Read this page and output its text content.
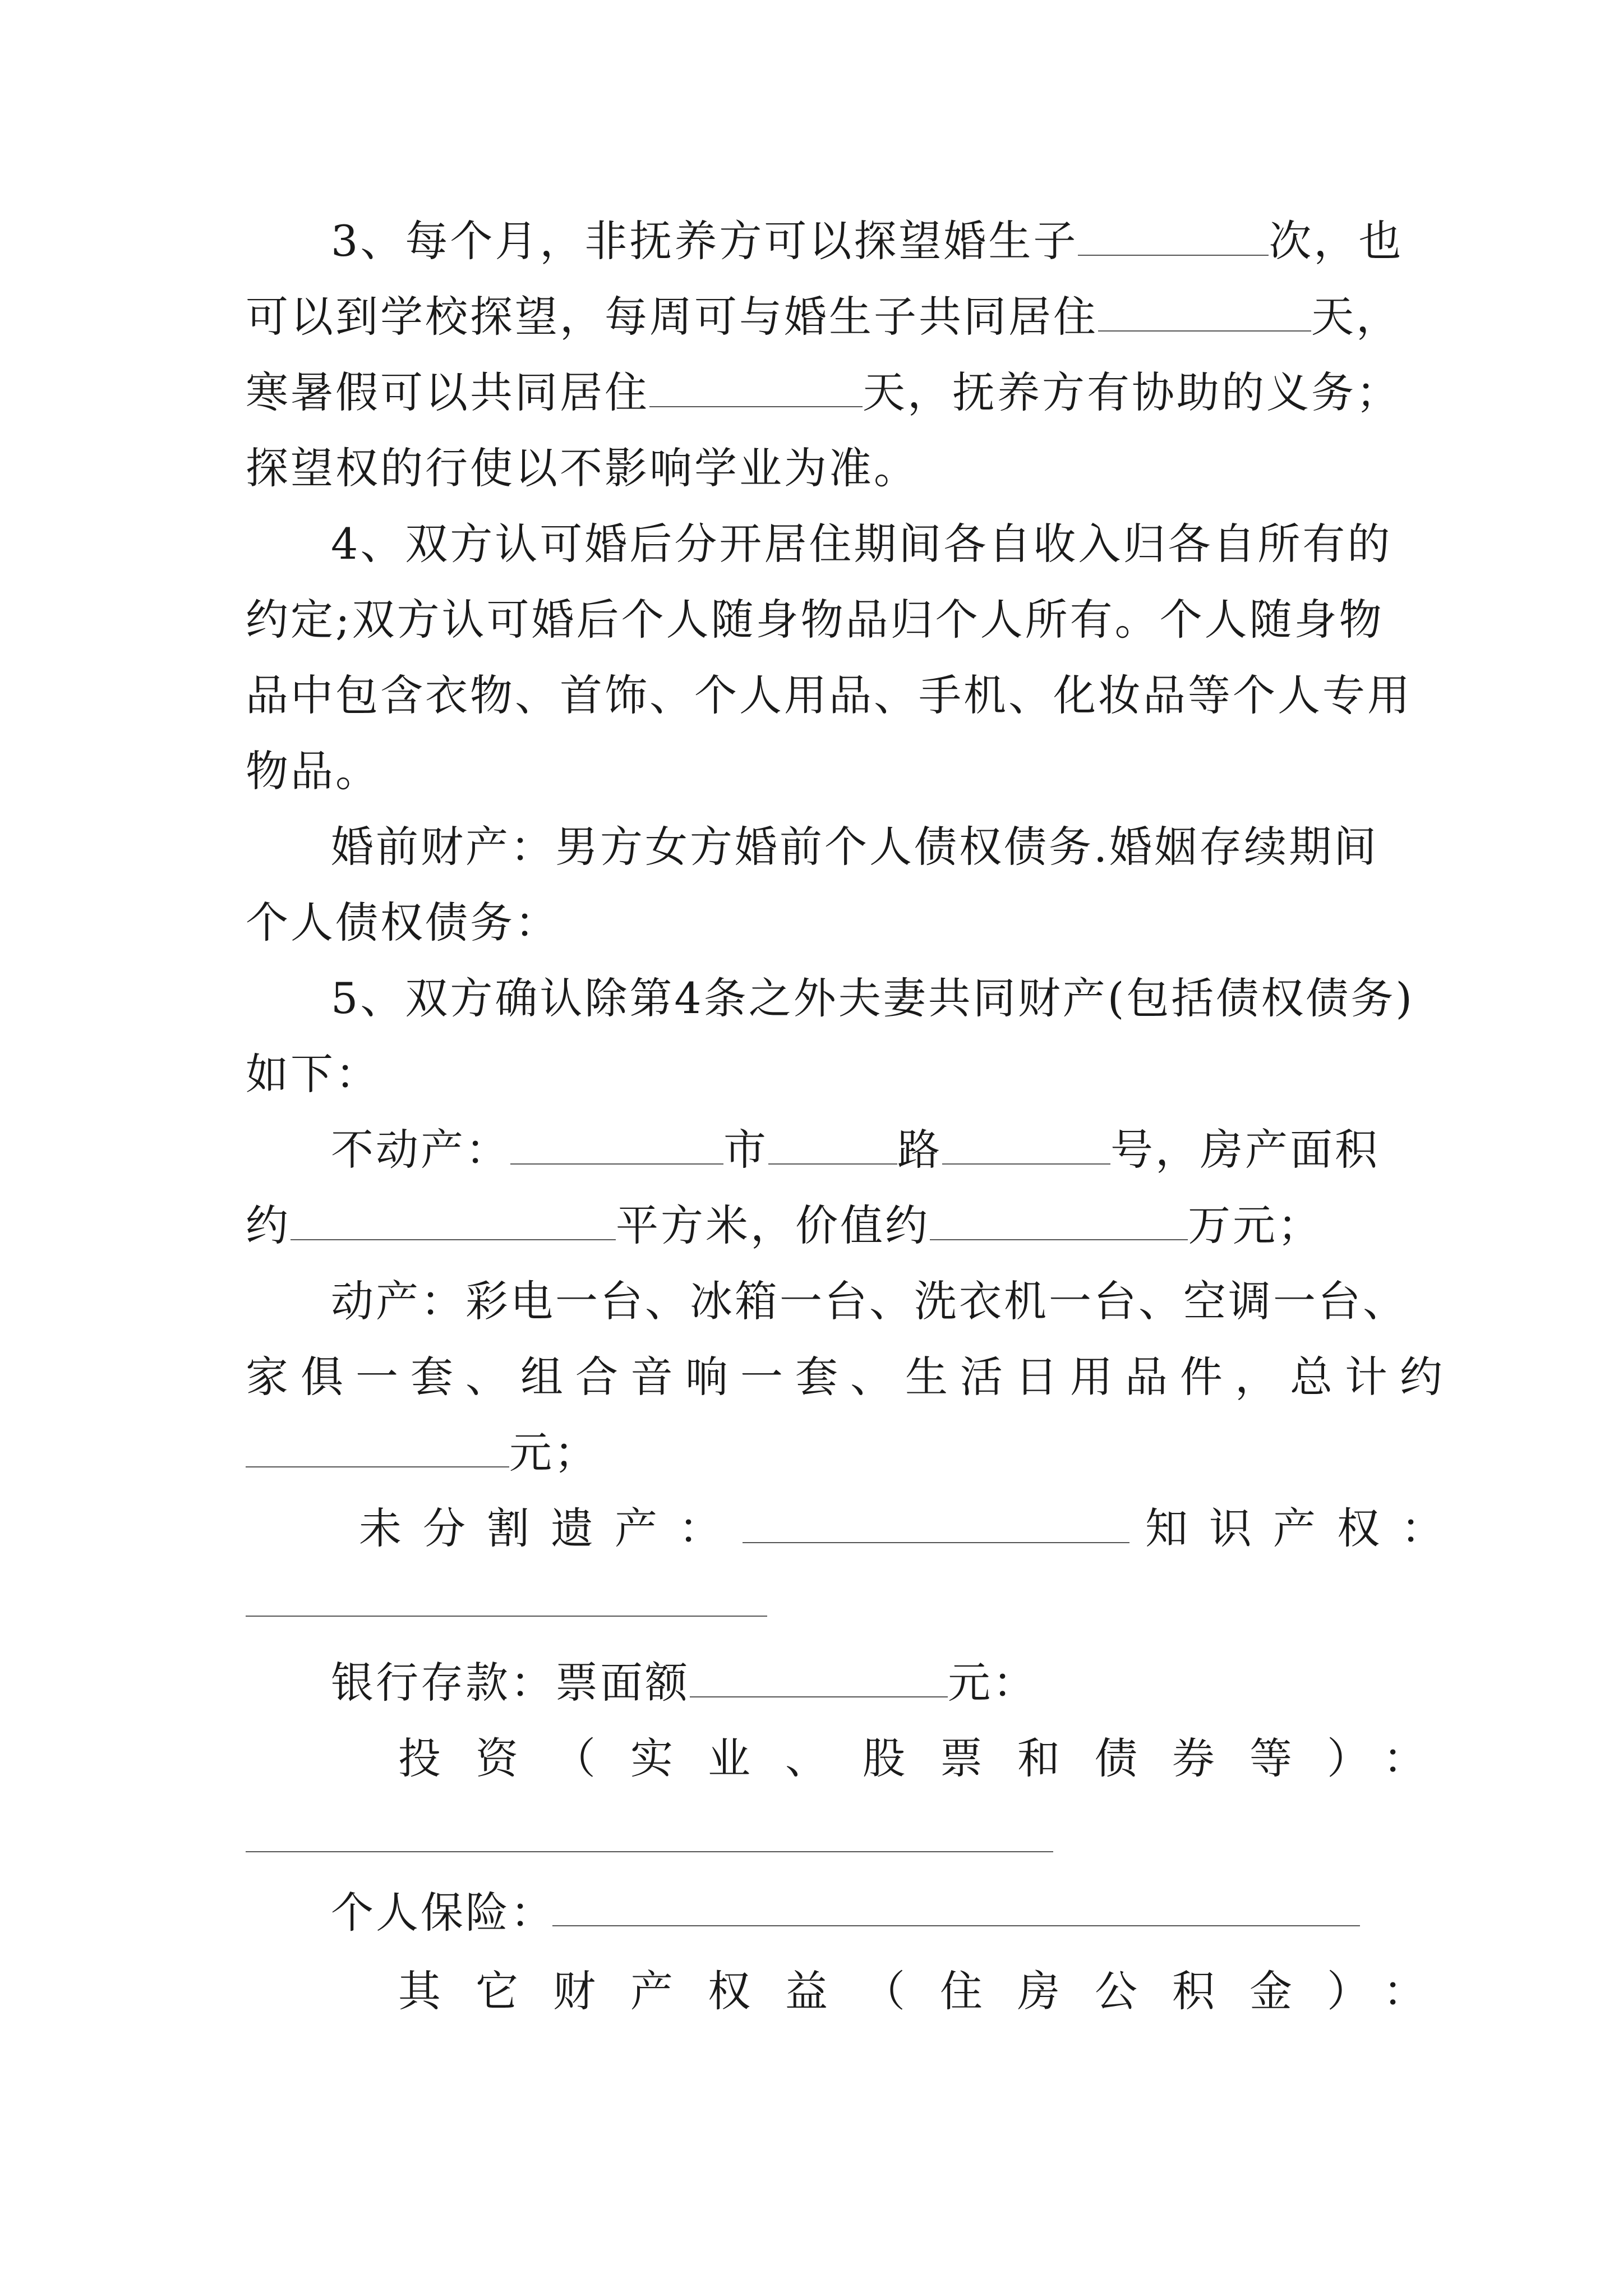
3、每个月，非抚养方可以探望婚生子	次，也
可以到学校探望，每周可与婚生子共同居住	天，
寒暑假可以共同居住	天，抚养方有协助的义务；
探望权的行使以不影响学业为准。
4、双方认可婚后分开居住期间各自收入归各自所有的
约定;双方认可婚后个人随身物品归个人所有。个人随身物
品中包含衣物、首饰、个人用品、手机、化妆品等个人专用
物品。
婚前财产：男方女方婚前个人债权债务.婚姻存续期间
个人债权债务：
5、双方确认除第4条之外夫妻共同财产(包括债权债务)
如下：
不动产：	市	路	号，房产面积
约	平方米，价值约	万元；
动产：彩电一台、冰箱一台、洗衣机一台、空调一台、
家俱一套、组合音响一套、生活日用品件，总计约
元；
未分割遗产：	知识产权：
银行存款：票面额	元：
投资（实业、股票和债券等）：
个人保险：
其它财产权益（住房公积金）：
